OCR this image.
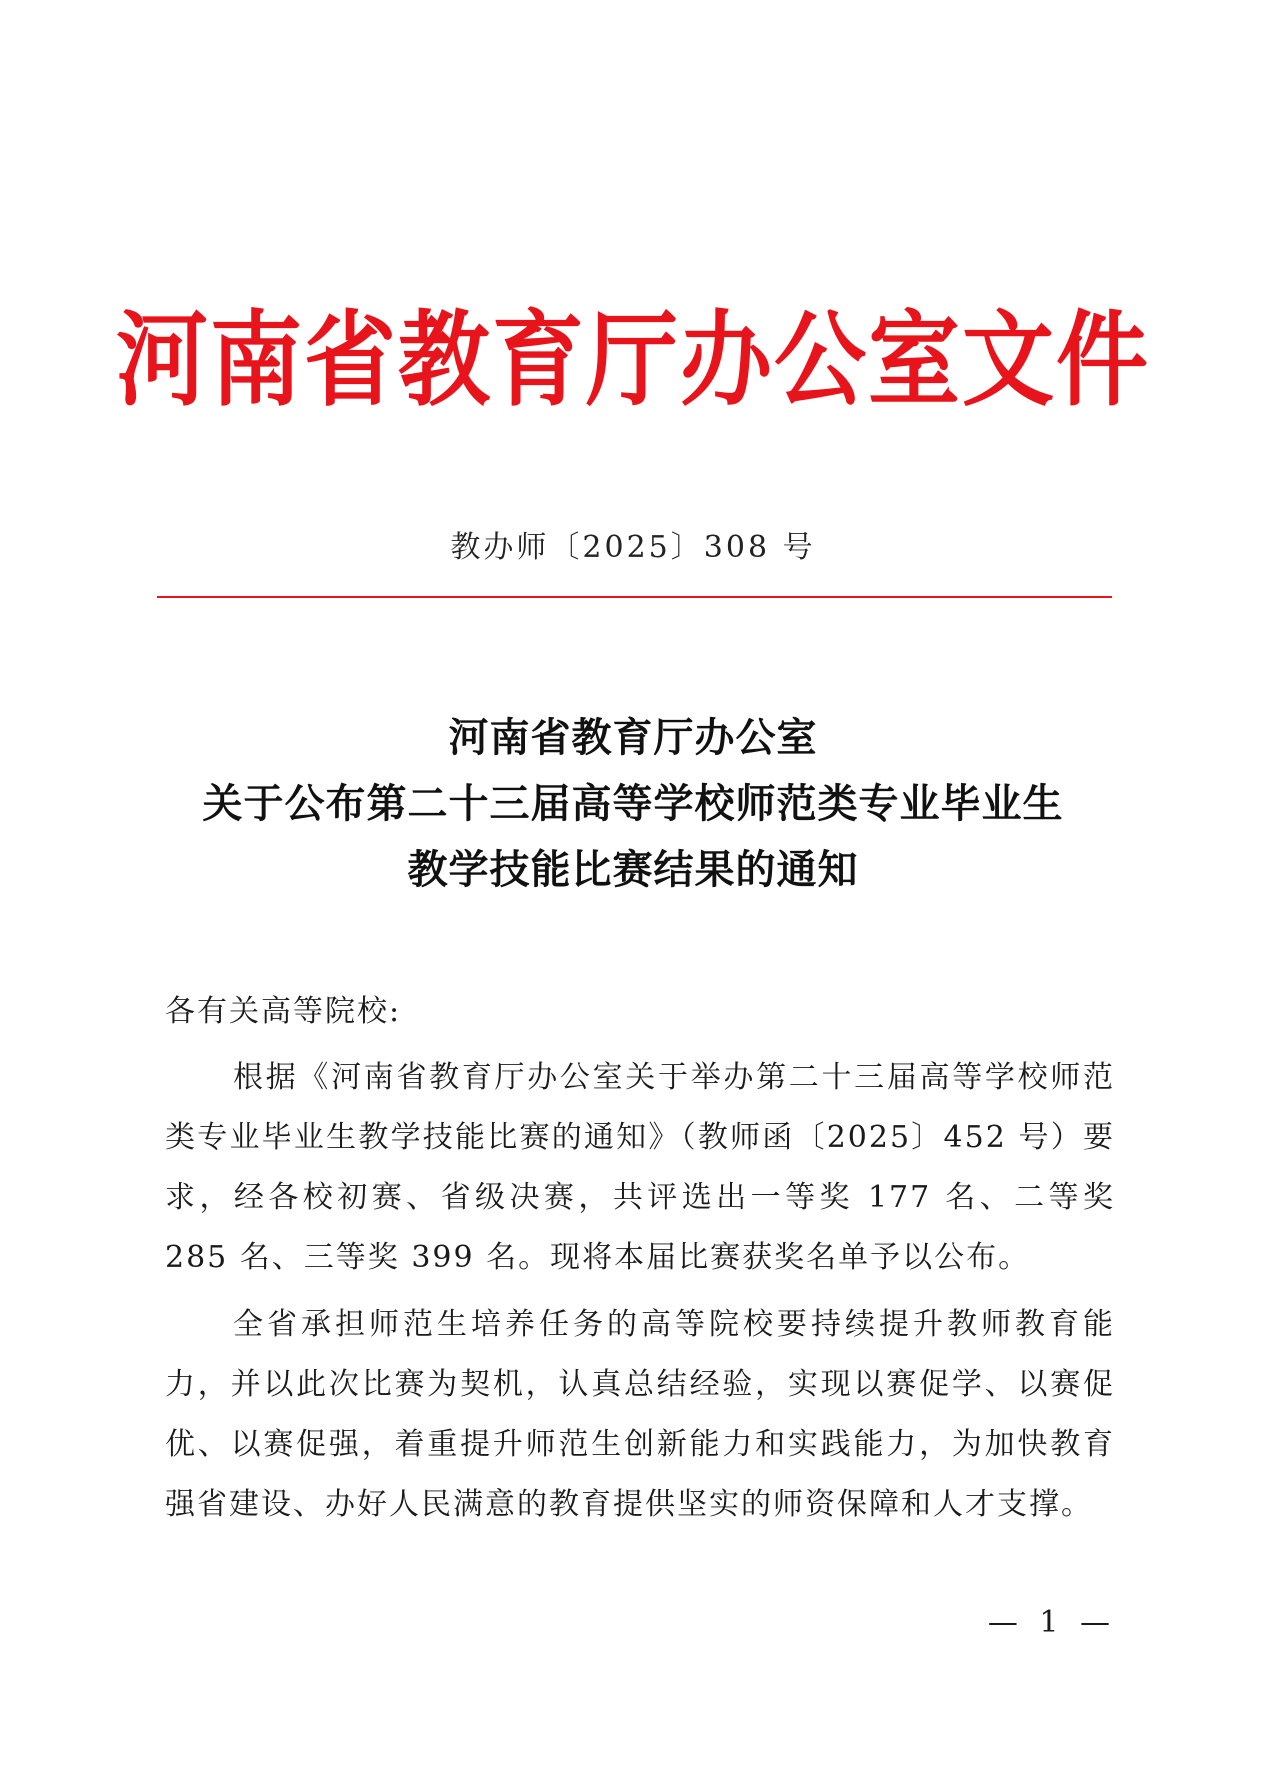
河南省教育厅办公室文件
教办师〔2025〕308 号
河南省教育厅办公室
关于公布第二十三届高等学校师范类专业毕业生
教学技能比赛结果的通知
各有关高等院校:

根据《河南省教育厅办公室关于举办第二十三届高等学校师范类专业毕业生教学技能比赛的通知》（教师函〔2025〕452 号）要求，经各校初赛、省级决赛，共评选出一等奖 177 名、二等奖 285 名、三等奖 399 名。现将本届比赛获奖名单予以公布。

全省承担师范生培养任务的高等院校要持续提升教师教育能力，并以此次比赛为契机，认真总结经验，实现以赛促学、以赛促优、以赛促强，着重提升师范生创新能力和实践能力，为加快教育强省建设、办好人民满意的教育提供坚实的师资保障和人才支撑。

— 1 —
